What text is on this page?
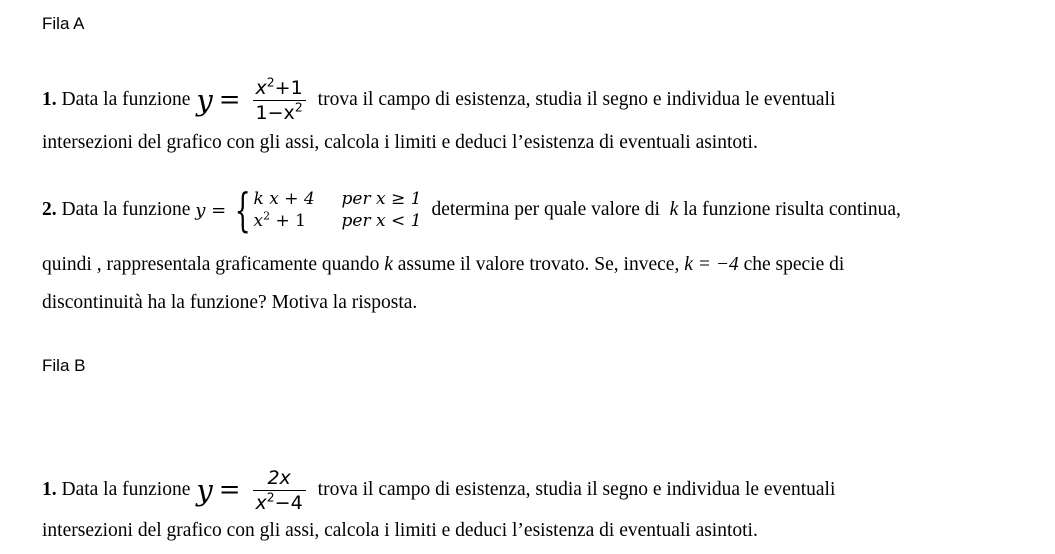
Fila A
1.
Data la funzione $y = \frac{x^2+1}{1-x^2}$ trova il campo di esistenza, studia il segno e individua le eventuali
intersezioni del grafico con gli assi, calcola i limiti e deduci l’esistenza di eventuali asintoti.
2.
Data la funzione
y = { k x + 4	per x ≥ 1
$x^2 + 1$	per x < 1
determina per quale valore di
k
la funzione risulta continua,
quindi , rappresentala graficamente quando k assume il valore trovato. Se, invece, k = −4 che specie di
discontinuità ha la funzione? Motiva la risposta.
Fila B
1.
Data la funzione $y = \frac{2x}{x^2-4}$ trova il campo di esistenza, studia il segno e individua le eventuali
intersezioni del grafico con gli assi, calcola i limiti e deduci l’esistenza di eventuali asintoti.
